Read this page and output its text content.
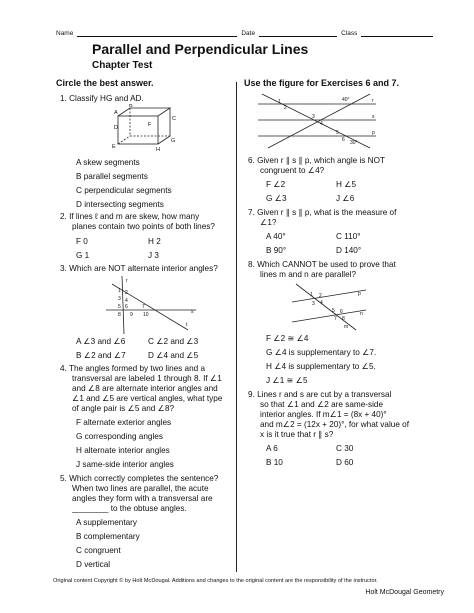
Name	Date	Class
Parallel and Perpendicular Lines
Chapter Test
Circle the best answer.	Use the figure for Exercises 6 and 7.
1. Classify HG and AD.
A
B
D
C
E
F
H
G
A skew segments
B parallel segments
C perpendicular segments
D intersecting segments
2. If lines ℓ and m are skew, how many
planes contain two points of both lines?
F 0	H 2
G 1	J 3
3. Which are NOT alternate interior angles?
r
1 2
3 4
5 6	7
8 9 10
t
s
A ∠3 and ∠6	C ∠2 and ∠3
B ∠2 and ∠7	D ∠4 and ∠5
4. The angles formed by two lines and a
transversal are labeled 1 through 8. If ∠1
and ∠8 are alternate interior angles and
∠1 and ∠5 are vertical angles, what type
of angle pair is ∠5 and ∠8?
F alternate exterior angles
G corresponding angles
H alternate interior angles
J same-side interior angles
5. Which correctly completes the sentence?
When two lines are parallel, the acute
angles they form with a transversal are
________ to the obtuse angles.
A supplementary
B complementary
C congruent
D vertical
40°	r
1
2
3
4
s
5
6 30°
p
6. Given r ∥ s ∥ p, which angle is NOT
congruent to ∠4?
F ∠2	H ∠5
G ∠3	J ∠6
7. Given r ∥ s ∥ p, what is the measure of
∠1?
A 40°	C 110°
B 90°	D 140°
8. Which CANNOT be used to prove that
lines m and n are parallel?
p
n
m
1 2
3 4
5 6
7 8
F ∠2 ≅ ∠4
G ∠4 is supplementary to ∠7.
H ∠4 is supplementary to ∠5.
J ∠1 ≅ ∠5
9. Lines r and s are cut by a transversal
so that ∠1 and ∠2 are same-side
interior angles. If m∠1 = (8x + 40)°
and m∠2 = (12x + 20)°, for what value of
x is it true that r ∥ s?
A 6	C 30
B 10	D 60
Original content Copyright © by Holt McDougal. Additions and changes to the original content are the responsibility of the instructor.
Holt McDougal Geometry
